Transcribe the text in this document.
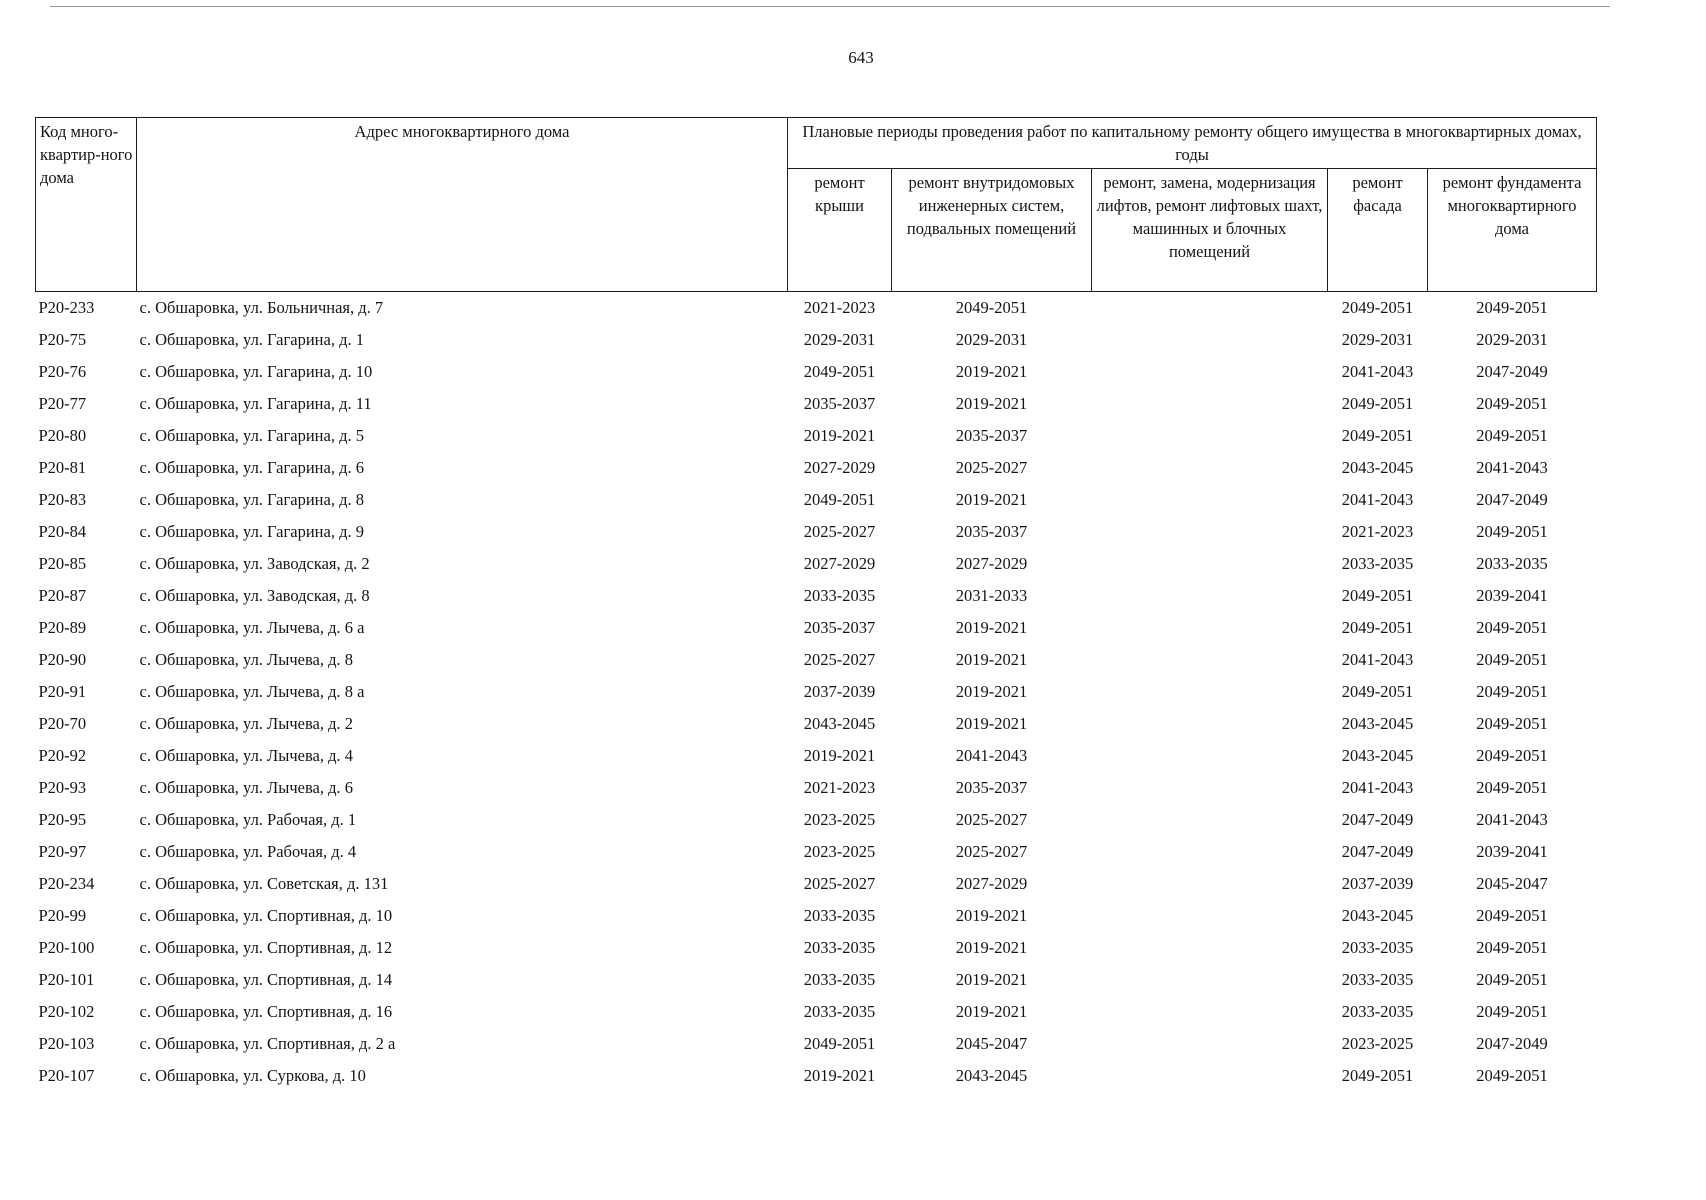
643
Код много-квартир-ного дома	Адрес многоквартирного дома	Плановые периоды проведения работ по капитальному ремонту общего имущества в многоквартирных домах, годы				
		ремонт крыши	ремонт внутридомовых инженерных систем, подвальных помещений	ремонт, замена, модернизация лифтов, ремонт лифтовых шахт, машинных и блочных помещений	ремонт фасада	ремонт фундамента многоквартирного дома
Р20-233	с. Обшаровка, ул. Больничная, д. 7	2021-2023	2049-2051		2049-2051	2049-2051
Р20-75	с. Обшаровка, ул. Гагарина, д. 1	2029-2031	2029-2031		2029-2031	2029-2031
Р20-76	с. Обшаровка, ул. Гагарина, д. 10	2049-2051	2019-2021		2041-2043	2047-2049
Р20-77	с. Обшаровка, ул. Гагарина, д. 11	2035-2037	2019-2021		2049-2051	2049-2051
Р20-80	с. Обшаровка, ул. Гагарина, д. 5	2019-2021	2035-2037		2049-2051	2049-2051
Р20-81	с. Обшаровка, ул. Гагарина, д. 6	2027-2029	2025-2027		2043-2045	2041-2043
Р20-83	с. Обшаровка, ул. Гагарина, д. 8	2049-2051	2019-2021		2041-2043	2047-2049
Р20-84	с. Обшаровка, ул. Гагарина, д. 9	2025-2027	2035-2037		2021-2023	2049-2051
Р20-85	с. Обшаровка, ул. Заводская, д. 2	2027-2029	2027-2029		2033-2035	2033-2035
Р20-87	с. Обшаровка, ул. Заводская, д. 8	2033-2035	2031-2033		2049-2051	2039-2041
Р20-89	с. Обшаровка, ул. Лычева, д. 6 а	2035-2037	2019-2021		2049-2051	2049-2051
Р20-90	с. Обшаровка, ул. Лычева, д. 8	2025-2027	2019-2021		2041-2043	2049-2051
Р20-91	с. Обшаровка, ул. Лычева, д. 8 а	2037-2039	2019-2021		2049-2051	2049-2051
Р20-70	с. Обшаровка, ул. Лычева, д. 2	2043-2045	2019-2021		2043-2045	2049-2051
Р20-92	с. Обшаровка, ул. Лычева, д. 4	2019-2021	2041-2043		2043-2045	2049-2051
Р20-93	с. Обшаровка, ул. Лычева, д. 6	2021-2023	2035-2037		2041-2043	2049-2051
Р20-95	с. Обшаровка, ул. Рабочая, д. 1	2023-2025	2025-2027		2047-2049	2041-2043
Р20-97	с. Обшаровка, ул. Рабочая, д. 4	2023-2025	2025-2027		2047-2049	2039-2041
Р20-234	с. Обшаровка, ул. Советская, д. 131	2025-2027	2027-2029		2037-2039	2045-2047
Р20-99	с. Обшаровка, ул. Спортивная, д. 10	2033-2035	2019-2021		2043-2045	2049-2051
Р20-100	с. Обшаровка, ул. Спортивная, д. 12	2033-2035	2019-2021		2033-2035	2049-2051
Р20-101	с. Обшаровка, ул. Спортивная, д. 14	2033-2035	2019-2021		2033-2035	2049-2051
Р20-102	с. Обшаровка, ул. Спортивная, д. 16	2033-2035	2019-2021		2033-2035	2049-2051
Р20-103	с. Обшаровка, ул. Спортивная, д. 2 а	2049-2051	2045-2047		2023-2025	2047-2049
Р20-107	с. Обшаровка, ул. Суркова, д. 10	2019-2021	2043-2045		2049-2051	2049-2051
